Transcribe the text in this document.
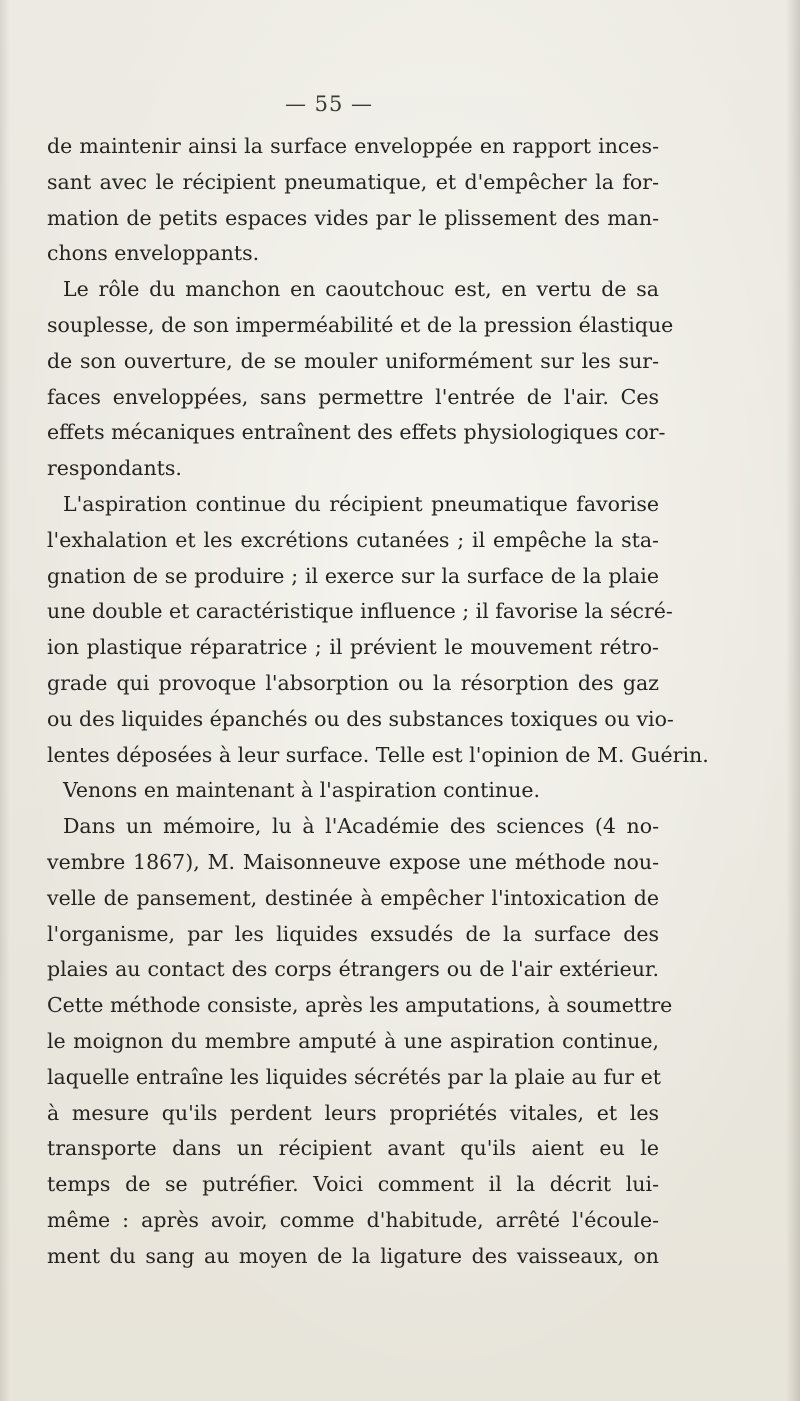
— 55 —
de maintenir ainsi la surface enveloppée en rapport inces-
sant avec le récipient pneumatique, et d'empêcher la for-
mation de petits espaces vides par le plissement des man-
chons enveloppants.
Le rôle du manchon en caoutchouc est, en vertu de sa
souplesse, de son imperméabilité et de la pression élastique
de son ouverture, de se mouler uniformément sur les sur-
faces enveloppées, sans permettre l'entrée de l'air. Ces
effets mécaniques entraînent des effets physiologiques cor-
respondants.
L'aspiration continue du récipient pneumatique favorise
l'exhalation et les excrétions cutanées ; il empêche la sta-
gnation de se produire ; il exerce sur la surface de la plaie
une double et caractéristique influence ; il favorise la sécré-
ion plastique réparatrice ; il prévient le mouvement rétro-
grade qui provoque l'absorption ou la résorption des gaz
ou des liquides épanchés ou des substances toxiques ou vio-
lentes déposées à leur surface. Telle est l'opinion de M. Guérin.
Venons en maintenant à l'aspiration continue.
Dans un mémoire, lu à l'Académie des sciences (4 no-
vembre 1867), M. Maisonneuve expose une méthode nou-
velle de pansement, destinée à empêcher l'intoxication de
l'organisme, par les liquides exsudés de la surface des
plaies au contact des corps étrangers ou de l'air extérieur.
Cette méthode consiste, après les amputations, à soumettre
le moignon du membre amputé à une aspiration continue,
laquelle entraîne les liquides sécrétés par la plaie au fur et
à mesure qu'ils perdent leurs propriétés vitales, et les
transporte dans un récipient avant qu'ils aient eu le
temps de se putréfier. Voici comment il la décrit lui-
même : après avoir, comme d'habitude, arrêté l'écoule-
ment du sang au moyen de la ligature des vaisseaux, on
